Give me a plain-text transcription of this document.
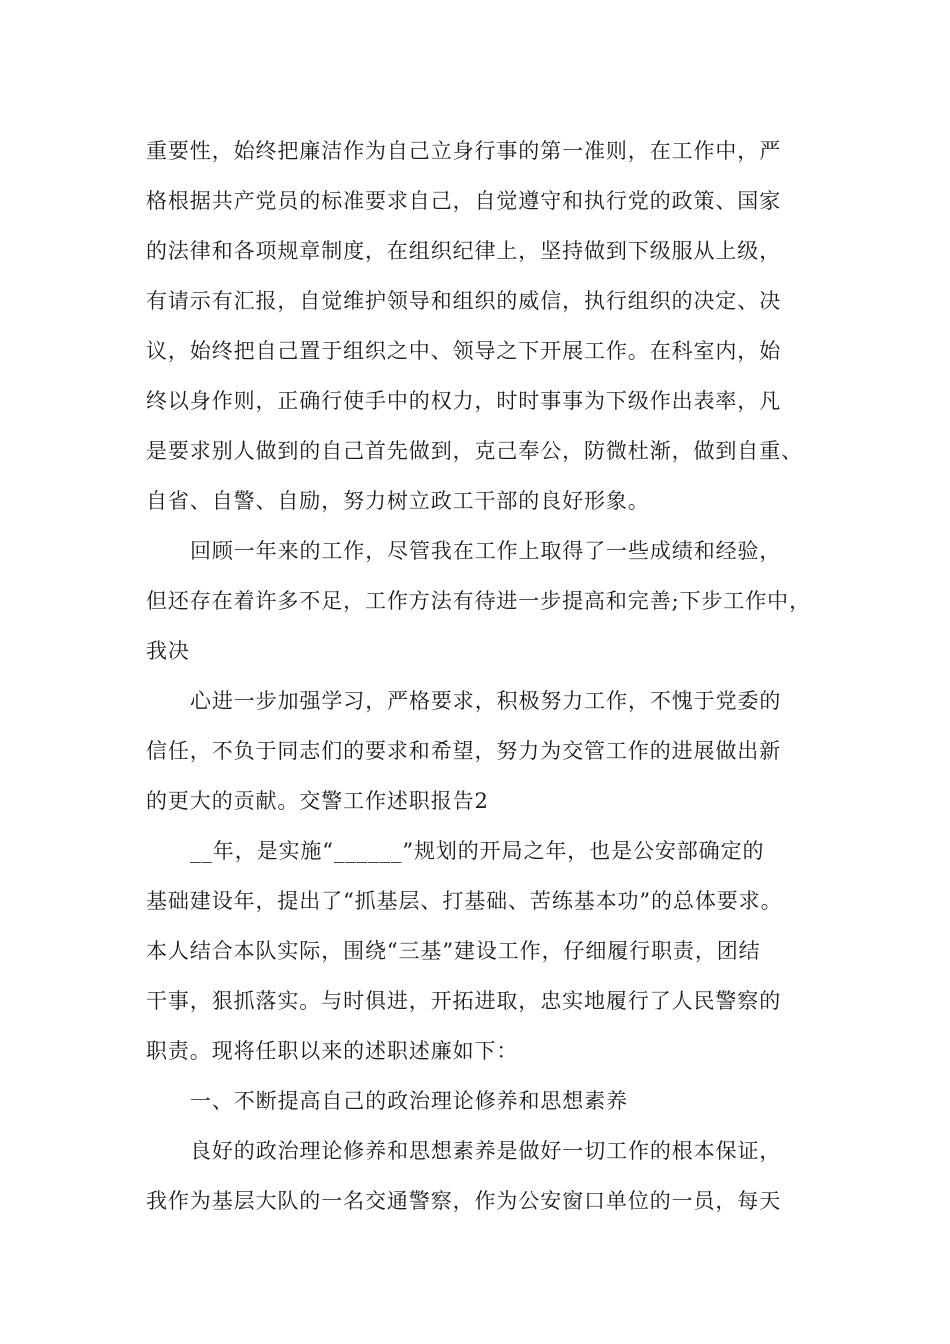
重要性，始终把廉洁作为自己立身行事的第一准则，在工作中，严
格根据共产党员的标准要求自己，自觉遵守和执行党的政策、国家
的法律和各项规章制度，在组织纪律上，坚持做到下级服从上级，
有请示有汇报，自觉维护领导和组织的威信，执行组织的决定、决
议，始终把自己置于组织之中、领导之下开展工作。在科室内，始
终以身作则，正确行使手中的权力，时时事事为下级作出表率，凡
是要求别人做到的自己首先做到，克己奉公，防微杜渐，做到自重、
自省、自警、自励，努力树立政工干部的良好形象。
回顾一年来的工作，尽管我在工作上取得了一些成绩和经验，
但还存在着许多不足，工作方法有待进一步提高和完善;下步工作中，
我决
心进一步加强学习，严格要求，积极努力工作，不愧于党委的
信任，不负于同志们的要求和希望，努力为交管工作的进展做出新
的更大的贡献。交警工作述职报告2
__年，是实施“______”规划的开局之年，也是公安部确定的
基础建设年，提出了“抓基层、打基础、苦练基本功”的总体要求。
本人结合本队实际，围绕“三基”建设工作，仔细履行职责，团结
干事，狠抓落实。与时俱进，开拓进取，忠实地履行了人民警察的
职责。现将任职以来的述职述廉如下：
一、不断提高自己的政治理论修养和思想素养
良好的政治理论修养和思想素养是做好一切工作的根本保证，
我作为基层大队的一名交通警察，作为公安窗口单位的一员，每天
